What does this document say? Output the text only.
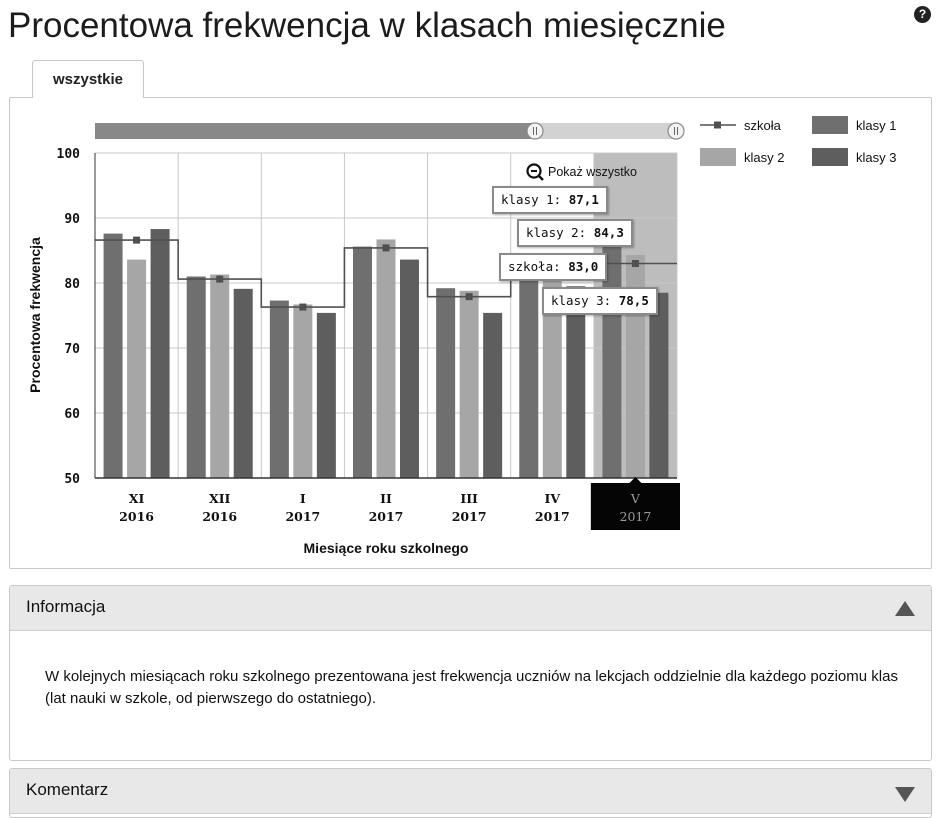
Procentowa frekwencja w klasach miesięcznie	?
wszystkie
50
60
70
80
90
100
XI
2016
XII
2016
I
2017
II
2017
III
2017
IV
2017
V
2017
Miesiące roku szkolnego
Procentowa frekwencja
klasy 1
klasy 2	klasy 3
szkoła
Pokaż wszystko
klasy 1: 87,1
klasy 2: 84,3
szkoła: 83,0
klasy 3: 78,5
Informacja
W kolejnych miesiącach roku szkolnego prezentowana jest frekwencja uczniów na lekcjach oddzielnie dla każdego poziomu klas (lat nauki w szkole, od pierwszego do ostatniego).
Komentarz
